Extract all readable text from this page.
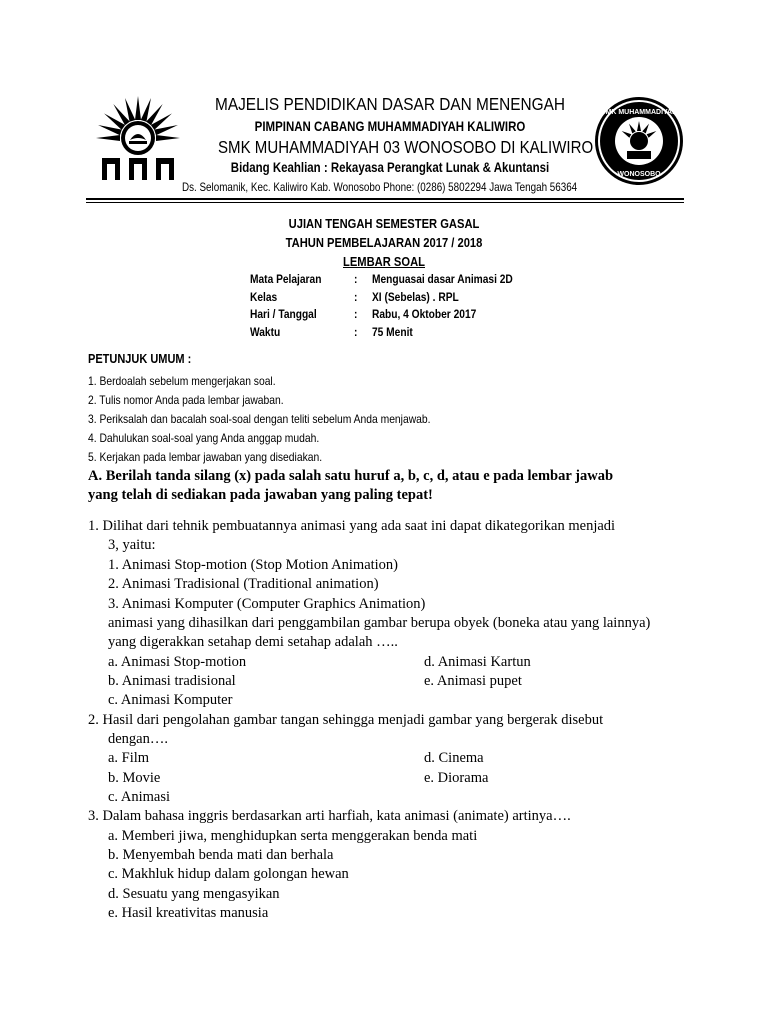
SMK MUHAMMADIYAH
WONOSOBO
MAJELIS PENDIDIKAN DASAR DAN MENENGAH
PIMPINAN CABANG MUHAMMADIYAH KALIWIRO
SMK MUHAMMADIYAH 03 WONOSOBO DI KALIWIRO
Bidang Keahlian : Rekayasa Perangkat Lunak & Akuntansi
Ds. Selomanik, Kec. Kaliwiro Kab. Wonosobo Phone: (0286) 5802294 Jawa Tengah 56364
UJIAN TENGAH SEMESTER GASAL
TAHUN PEMBELAJARAN 2017 / 2018
LEMBAR SOAL
Mata Pelajaran	: Menguasai dasar Animasi 2D
Kelas	: XI (Sebelas) . RPL
Hari / Tanggal	: Rabu, 4 Oktober 2017
Waktu	: 75 Menit
PETUNJUK UMUM :
1. Berdoalah sebelum mengerjakan soal.
2. Tulis nomor Anda pada lembar jawaban.
3. Periksalah dan bacalah soal-soal dengan teliti sebelum Anda menjawab.
4. Dahulukan soal-soal yang Anda anggap mudah.
5. Kerjakan pada lembar jawaban yang disediakan.
A. Berilah tanda silang (x) pada salah satu huruf a, b, c, d, atau e pada lembar jawab
yang telah di sediakan pada jawaban yang paling tepat!
1. Dilihat dari tehnik pembuatannya animasi yang ada saat ini dapat dikategorikan menjadi
3, yaitu:
1. Animasi Stop-motion (Stop Motion Animation)
2. Animasi Tradisional (Traditional animation)
3. Animasi Komputer (Computer Graphics Animation)
animasi yang dihasilkan dari penggambilan gambar berupa obyek (boneka atau yang lainnya)
yang digerakkan setahap demi setahap adalah …..
a. Animasi Stop-motion
b. Animasi tradisional
c. Animasi Komputer
d. Animasi Kartun
e. Animasi pupet
2. Hasil dari pengolahan gambar tangan sehingga menjadi gambar yang bergerak disebut
dengan….
a. Film
b. Movie
c. Animasi
d. Cinema
e. Diorama
3. Dalam bahasa inggris berdasarkan arti harfiah, kata animasi (animate) artinya….
a. Memberi jiwa, menghidupkan serta menggerakan benda mati
b. Menyembah benda mati dan berhala
c. Makhluk hidup dalam golongan hewan
d. Sesuatu yang mengasyikan
e. Hasil kreativitas manusia
